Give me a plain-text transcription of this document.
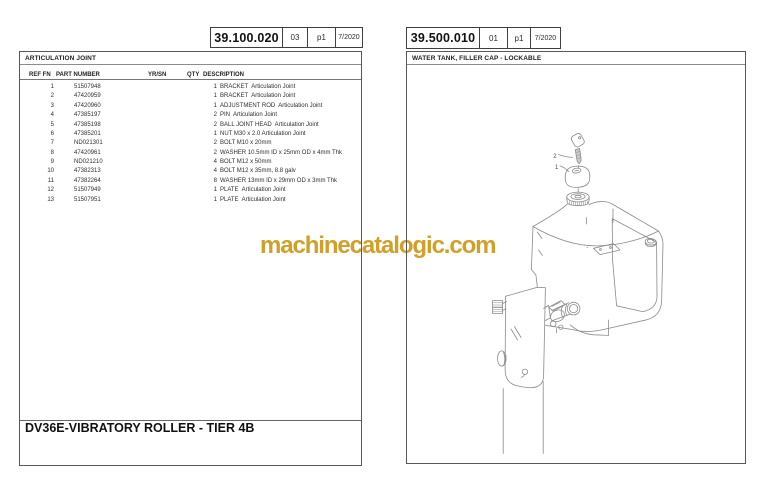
39.100.020	03	p1	7/2020	39.500.010	01	p1	7/2020
machinecatalogic.com
ARTICULATION JOINT
REF FN PART NUMBER	YR/SN	QTY DESCRIPTION
1	51507948	1 BRACKET  Articulation Joint
2	47420959	1 BRACKET  Articulation Joint
3	47420960	1 ADJUSTMENT ROD  Articulation Joint
4	47385197	2 PIN  Articulation Joint
5	47385198	2 BALL JOINT HEAD  Articulation Joint
6	47385201	1 NUT M30 x 2.0 Articulation Joint
7	ND021301	2 BOLT M10 x 20mm
8	47420961	2 WASHER 10.5mm ID x 25mm OD x 4mm Thk
9	ND021210	4 BOLT M12 x 50mm
10	47382313	4 BOLT M12 x 35mm, 8.8 galv
11	47382264	8 WASHER 13mm ID x 29mm OD x 3mm Thk
12	51507949	1 PLATE  Articulation Joint
13	51507951	1 PLATE  Articulation Joint
DV36E-VIBRATORY ROLLER - TIER 4B
WATER TANK, FILLER CAP - LOCKABLE
2
1
